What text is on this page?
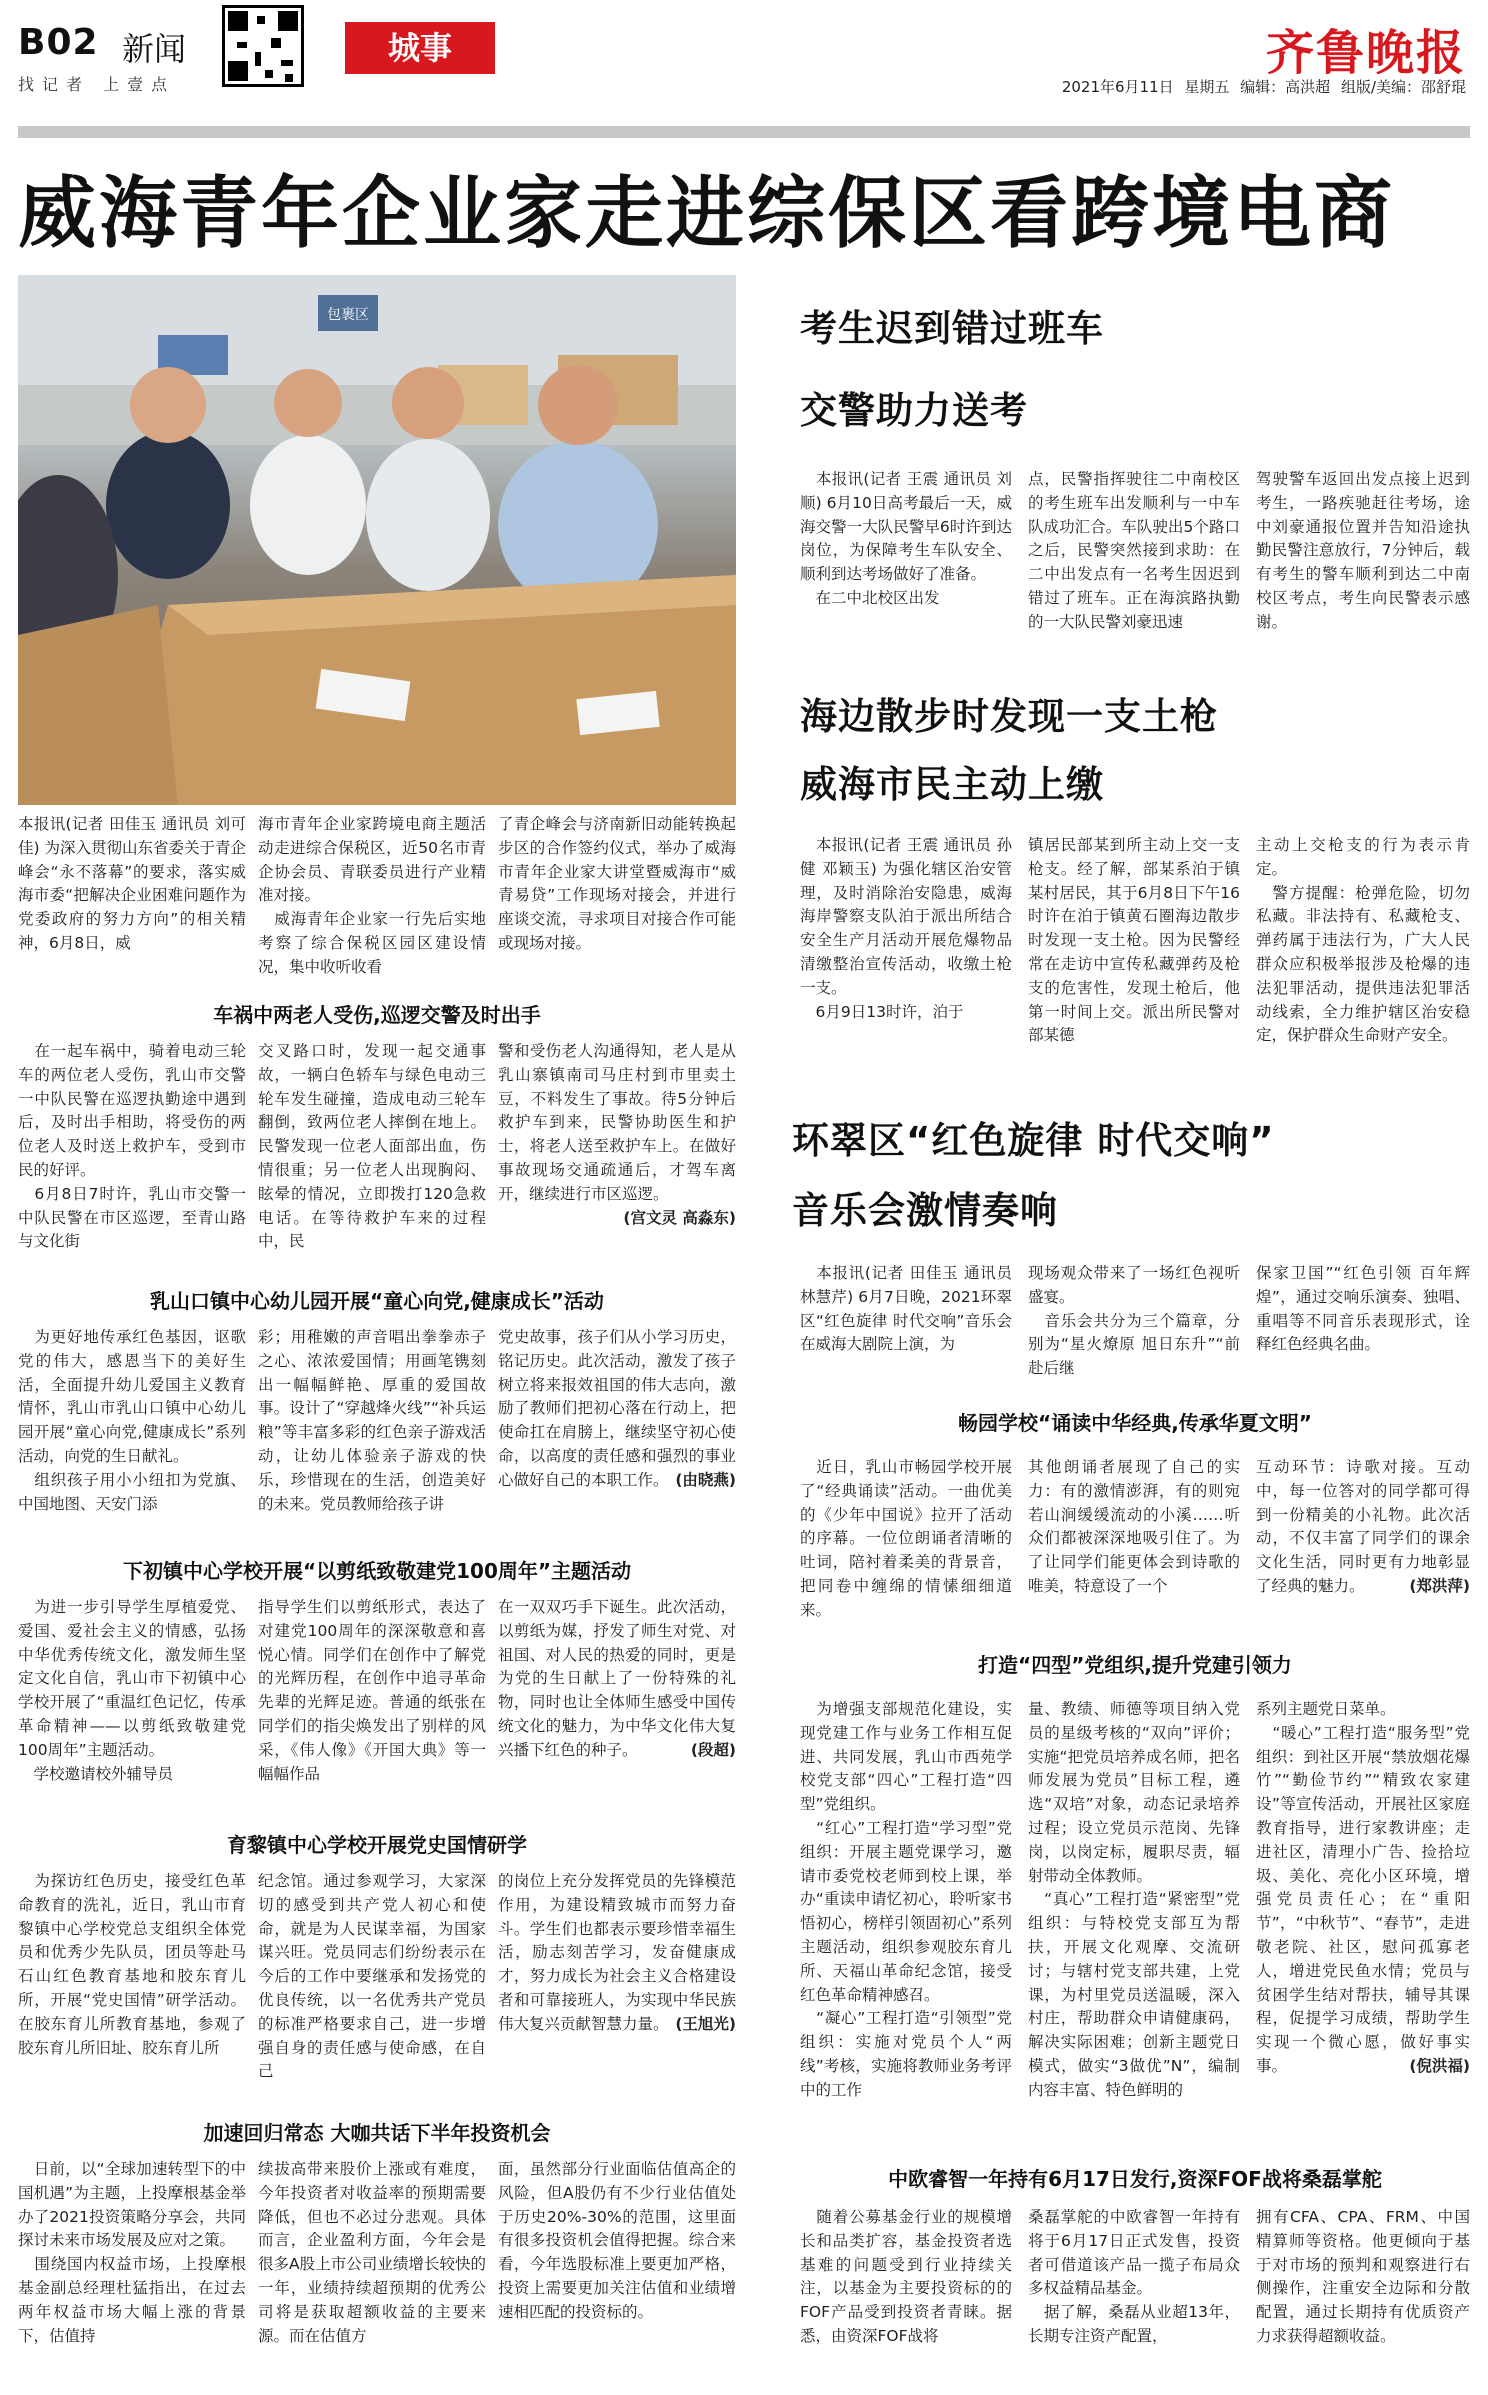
B02 新闻
找记者 上壹点
城事	齐鲁晚报
2021年6月11日 星期五 编辑：高洪超 组版/美编：邵舒琨
威海青年企业家走进综保区看跨境电商
包裹区
本报讯(记者 田佳玉 通讯员 刘可佳) 为深入贯彻山东省委关于青企峰会“永不落幕”的要求，落实威海市委“把解决企业困难问题作为党委政府的努力方向”的相关精神，6月8日，威
海市青年企业家跨境电商主题活动走进综合保税区，近50名市青企协会员、青联委员进行产业精准对接。
　威海青年企业家一行先后实地考察了综合保税区园区建设情况，集中收听收看
了青企峰会与济南新旧动能转换起步区的合作签约仪式，举办了威海市青年企业家大讲堂暨威海市“威青易贷”工作现场对接会，并进行座谈交流，寻求项目对接合作可能或现场对接。
车祸中两老人受伤,巡逻交警及时出手
　在一起车祸中，骑着电动三轮车的两位老人受伤，乳山市交警一中队民警在巡逻执勤途中遇到后，及时出手相助，将受伤的两位老人及时送上救护车，受到市民的好评。
　6月8日7时许，乳山市交警一中队民警在市区巡逻，至青山路与文化街
交叉路口时，发现一起交通事故，一辆白色轿车与绿色电动三轮车发生碰撞，造成电动三轮车翻倒，致两位老人摔倒在地上。民警发现一位老人面部出血，伤情很重；另一位老人出现胸闷、眩晕的情况，立即拨打120急救电话。在等待救护车来的过程中，民
警和受伤老人沟通得知，老人是从乳山寨镇南司马庄村到市里卖土豆，不料发生了事故。待5分钟后救护车到来，民警协助医生和护士，将老人送至救护车上。在做好事故现场交通疏通后，才驾车离开，继续进行市区巡逻。
(宫文灵 高淼东)
乳山口镇中心幼儿园开展“童心向党,健康成长”活动
　为更好地传承红色基因，讴歌党的伟大，感恩当下的美好生活，全面提升幼儿爱国主义教育情怀，乳山市乳山口镇中心幼儿园开展“童心向党,健康成长”系列活动，向党的生日献礼。
　组织孩子用小小纽扣为党旗、中国地图、天安门添
彩；用稚嫩的声音唱出拳拳赤子之心、浓浓爱国情；用画笔镌刻出一幅幅鲜艳、厚重的爱国故事。设计了“穿越烽火线”“补兵运粮”等丰富多彩的红色亲子游戏活动，让幼儿体验亲子游戏的快乐，珍惜现在的生活，创造美好的未来。党员教师给孩子讲
党史故事，孩子们从小学习历史，铭记历史。此次活动，激发了孩子树立将来报效祖国的伟大志向，激励了教师们把初心落在行动上，把使命扛在肩膀上，继续坚守初心使命，以高度的责任感和强烈的事业心做好自己的本职工作。 (由晓燕)
下初镇中心学校开展“以剪纸致敬建党100周年”主题活动
　为进一步引导学生厚植爱党、爱国、爱社会主义的情感，弘扬中华优秀传统文化，激发师生坚定文化自信，乳山市下初镇中心学校开展了“重温红色记忆，传承革命精神——以剪纸致敬建党100周年”主题活动。
　学校邀请校外辅导员
指导学生们以剪纸形式，表达了对建党100周年的深深敬意和喜悦心情。同学们在创作中了解党的光辉历程，在创作中追寻革命先辈的光辉足迹。普通的纸张在同学们的指尖焕发出了别样的风采，《伟人像》《开国大典》等一幅幅作品
在一双双巧手下诞生。此次活动，以剪纸为媒，抒发了师生对党、对祖国、对人民的热爱的同时，更是为党的生日献上了一份特殊的礼物，同时也让全体师生感受中国传统文化的魅力，为中华文化伟大复兴播下红色的种子。	(段超)
育黎镇中心学校开展党史国情研学
　为探访红色历史，接受红色革命教育的洗礼，近日，乳山市育黎镇中心学校党总支组织全体党员和优秀少先队员，团员等赴马石山红色教育基地和胶东育儿所，开展“党史国情”研学活动。在胶东育儿所教育基地，参观了胶东育儿所旧址、胶东育儿所
纪念馆。通过参观学习，大家深切的感受到共产党人初心和使命，就是为人民谋幸福，为国家谋兴旺。党员同志们纷纷表示在今后的工作中要继承和发扬党的优良传统，以一名优秀共产党员的标准严格要求自己，进一步增强自身的责任感与使命感，在自己
的岗位上充分发挥党员的先锋模范作用，为建设精致城市而努力奋斗。学生们也都表示要珍惜幸福生活，励志刻苦学习，发奋健康成才，努力成长为社会主义合格建设者和可靠接班人，为实现中华民族伟大复兴贡献智慧力量。 (王旭光)
加速回归常态 大咖共话下半年投资机会
　日前，以“全球加速转型下的中国机遇”为主题，上投摩根基金举办了2021投资策略分享会，共同探讨未来市场发展及应对之策。
　围绕国内权益市场，上投摩根基金副总经理杜猛指出，在过去两年权益市场大幅上涨的背景下，估值持
续拔高带来股价上涨或有难度，今年投资者对收益率的预期需要降低，但也不必过分悲观。具体而言，企业盈利方面，今年会是很多A股上市公司业绩增长较快的一年，业绩持续超预期的优秀公司将是获取超额收益的主要来源。而在估值方
面，虽然部分行业面临估值高企的风险，但A股仍有不少行业估值处于历史20%-30%的范围，这里面有很多投资机会值得把握。综合来看，今年选股标准上要更加严格，投资上需要更加关注估值和业绩增速相匹配的投资标的。
考生迟到错过班车
交警助力送考
　本报讯(记者 王震 通讯员 刘顺) 6月10日高考最后一天，威海交警一大队民警早6时许到达岗位，为保障考生车队安全、顺利到达考场做好了准备。
　在二中北校区出发
点，民警指挥驶往二中南校区的考生班车出发顺利与一中车队成功汇合。车队驶出5个路口之后，民警突然接到求助：在二中出发点有一名考生因迟到错过了班车。正在海滨路执勤的一大队民警刘豪迅速
驾驶警车返回出发点接上迟到考生，一路疾驰赶往考场，途中刘豪通报位置并告知沿途执勤民警注意放行，7分钟后，载有考生的警车顺利到达二中南校区考点，考生向民警表示感谢。
海边散步时发现一支土枪
威海市民主动上缴
　本报讯(记者 王震 通讯员 孙健 邓颖玉) 为强化辖区治安管理，及时消除治安隐患，威海海岸警察支队泊于派出所结合安全生产月活动开展危爆物品清缴整治宣传活动，收缴土枪一支。
　6月9日13时许，泊于
镇居民部某到所主动上交一支枪支。经了解，部某系泊于镇某村居民，其于6月8日下午16时许在泊于镇黄石圈海边散步时发现一支土枪。因为民警经常在走访中宣传私藏弹药及枪支的危害性，发现土枪后，他第一时间上交。派出所民警对部某德
主动上交枪支的行为表示肯定。
　警方提醒：枪弹危险，切勿私藏。非法持有、私藏枪支、弹药属于违法行为，广大人民群众应积极举报涉及枪爆的违法犯罪活动，提供违法犯罪活动线索，全力维护辖区治安稳定，保护群众生命财产安全。
环翠区“红色旋律 时代交响”
音乐会激情奏响
　本报讯(记者 田佳玉 通讯员 林慧芹) 6月7日晚，2021环翠区“红色旋律 时代交响”音乐会在威海大剧院上演，为
现场观众带来了一场红色视听盛宴。
　音乐会共分为三个篇章，分别为“星火燎原 旭日东升”“前赴后继
保家卫国”“红色引领 百年辉煌”，通过交响乐演奏、独唱、重唱等不同音乐表现形式，诠释红色经典名曲。
畅园学校“诵读中华经典,传承华夏文明”
　近日，乳山市畅园学校开展了“经典诵读”活动。一曲优美的《少年中国说》拉开了活动的序幕。一位位朗诵者清晰的吐词，陪衬着柔美的背景音，把同卷中缠绵的情愫细细道来。
其他朗诵者展现了自己的实力：有的激情澎湃，有的则宛若山涧缓缓流动的小溪……听众们都被深深地吸引住了。为了让同学们能更体会到诗歌的唯美，特意设了一个
互动环节：诗歌对接。互动中，每一位答对的同学都可得到一份精美的小礼物。此次活动，不仅丰富了同学们的课余文化生活，同时更有力地彰显了经典的魅力。	(郑洪萍)
打造“四型”党组织,提升党建引领力
　为增强支部规范化建设，实现党建工作与业务工作相互促进、共同发展，乳山市西苑学校党支部“四心”工程打造“四型”党组织。
　“红心”工程打造“学习型”党组织：开展主题党课学习，邀请市委党校老师到校上课，举办“重读申请忆初心，聆听家书悟初心，榜样引领固初心”系列主题活动，组织参观胶东育儿所、天福山革命纪念馆，接受红色革命精神感召。
　“凝心”工程打造“引领型”党组织：实施对党员个人“两线”考核，实施将教师业务考评中的工作
量、教绩、师德等项目纳入党员的星级考核的“双向”评价；实施“把党员培养成名师，把名师发展为党员”目标工程，遴选“双培”对象，动态记录培养过程；设立党员示范岗、先锋岗，以岗定标，履职尽责，辐射带动全体教师。
　“真心”工程打造“紧密型”党组织：与特校党支部互为帮扶，开展文化观摩、交流研讨；与辖村党支部共建，上党课，为村里党员送温暖，深入村庄，帮助群众申请健康码，解决实际困难；创新主题党日模式，做实“3做优”N”，编制内容丰富、特色鲜明的
系列主题党日菜单。
　“暖心”工程打造“服务型”党组织：到社区开展“禁放烟花爆竹”“勤俭节约”“精致农家建设”等宣传活动，开展社区家庭教育指导，进行家教讲座；走进社区，清理小广告、捡拾垃圾、美化、亮化小区环境，增强党员责任心；在“重阳节”，“中秋节”、“春节”，走进敬老院、社区，慰问孤寡老人，增进党民鱼水情；党员与贫困学生结对帮扶，辅导其课程，促提学习成绩，帮助学生实现一个微心愿，做好事实事。	(倪洪福)
中欧睿智一年持有6月17日发行,资深FOF战将桑磊掌舵
　随着公募基金行业的规模增长和品类扩容，基金投资者选基难的问题受到行业持续关注，以基金为主要投资标的的FOF产品受到投资者青睐。据悉，由资深FOF战将
桑磊掌舵的中欧睿智一年持有将于6月17日正式发售，投资者可借道该产品一揽子布局众多权益精品基金。
　据了解，桑磊从业超13年，长期专注资产配置，
拥有CFA、CPA、FRM、中国精算师等资格。他更倾向于基于对市场的预判和观察进行右侧操作，注重安全边际和分散配置，通过长期持有优质资产力求获得超额收益。
